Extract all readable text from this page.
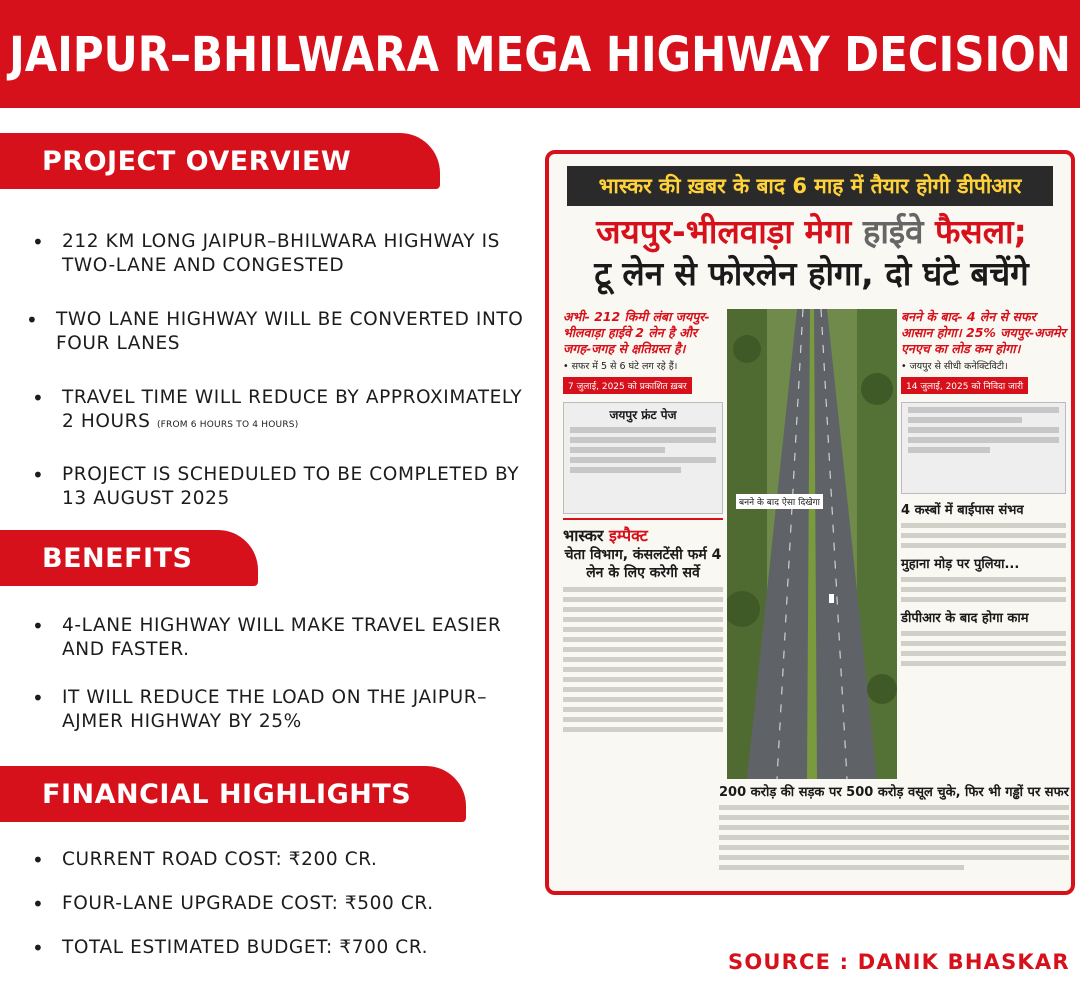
JAIPUR–BHILWARA MEGA HIGHWAY DECISION
PROJECT OVERVIEW
• 212 KM LONG JAIPUR–BHILWARA HIGHWAY IS TWO-LANE AND CONGESTED
• TWO LANE HIGHWAY WILL BE CONVERTED INTO FOUR LANES
• TRAVEL TIME WILL REDUCE BY APPROXIMATELY 2 HOURS (FROM 6 HOURS TO 4 HOURS)
• PROJECT IS SCHEDULED TO BE COMPLETED BY 13 AUGUST 2025
BENEFITS
• 4-LANE HIGHWAY WILL MAKE TRAVEL EASIER AND FASTER.
• IT WILL REDUCE THE LOAD ON THE JAIPUR–AJMER HIGHWAY BY 25%
FINANCIAL HIGHLIGHTS
• CURRENT ROAD COST: ₹200 CR.
• FOUR-LANE UPGRADE COST: ₹500 CR.
• TOTAL ESTIMATED BUDGET: ₹700 CR.
भास्कर की ख़बर के बाद 6 माह में तैयार होगी डीपीआर
जयपुर-भीलवाड़ा मेगा हाईवे फैसला;
टू लेन से फोरलेन होगा, दो घंटे बचेंगे
बनने के बाद ऐसा दिखेगा
अभी- 212 किमी लंबा जयपुर-भीलवाड़ा हाईवे 2 लेन है और जगह-जगह से क्षतिग्रस्त है।
• सफर में 5 से 6 घंटे लग रहे हैं।
7 जुलाई, 2025 को प्रकाशित ख़बर
जयपुर फ्रंट पेज
भास्कर इम्पैक्ट
चेता विभाग, कंसलटेंसी फर्म 4 लेन के लिए करेगी सर्वे
बनने के बाद- 4 लेन से सफर आसान होगा। 25% जयपुर-अजमेर एनएच का लोड कम होगा।
• जयपुर से सीधी कनेक्टिविटी।
14 जुलाई, 2025 को निविदा जारी
4 कस्बों में बाईपास संभव
मुहाना मोड़ पर पुलिया...
डीपीआर के बाद होगा काम
200 करोड़ की सड़क पर 500 करोड़ वसूल चुके, फिर भी गड्ढों पर सफर
SOURCE : DANIK BHASKAR
